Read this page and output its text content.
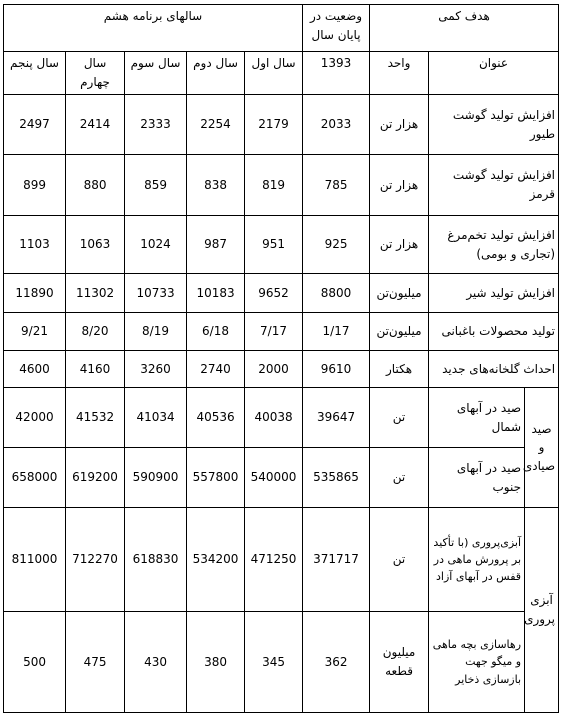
هدف کمی			وضعیت در پایان سال	سالهای برنامه هشم				
عنوان		واحد	1393	سال اول	سال دوم	سال سوم	سال چهارم	سال پنجم
افزایش تولید گوشت طیور		هزار تن	2033	2179	2254	2333	2414	2497
افزایش تولید گوشت قرمز		هزار تن	785	819	838	859	880	899
افزایش تولید تخم‌مرغ (تجاری و بومی)		هزار تن	925	951	987	1024	1063	1103
افزایش تولید شیر		میلیون‌تن	8800	9652	10183	10733	11302	11890
تولید محصولات باغبانی		میلیون‌تن	1/17	7/17	6/18	8/19	8/20	9/21
احداث گلخانه‌های جدید		هکتار	9610	2000	2740	3260	4160	4600
صید و صیادی	صید در آبهای شمال	تن	39647	40038	40536	41034	41532	42000
	صید در آبهای جنوب	تن	535865	540000	557800	590900	619200	658000
آبزی پروری	آبزی‌پروری (با تأکید بر پرورش ماهی در قفس در آبهای آزاد	تن	371717	471250	534200	618830	712270	811000
	رهاسازی بچه ماهی و میگو جهت بازسازی ذخایر	میلیون قطعه	362	345	380	430	475	500
